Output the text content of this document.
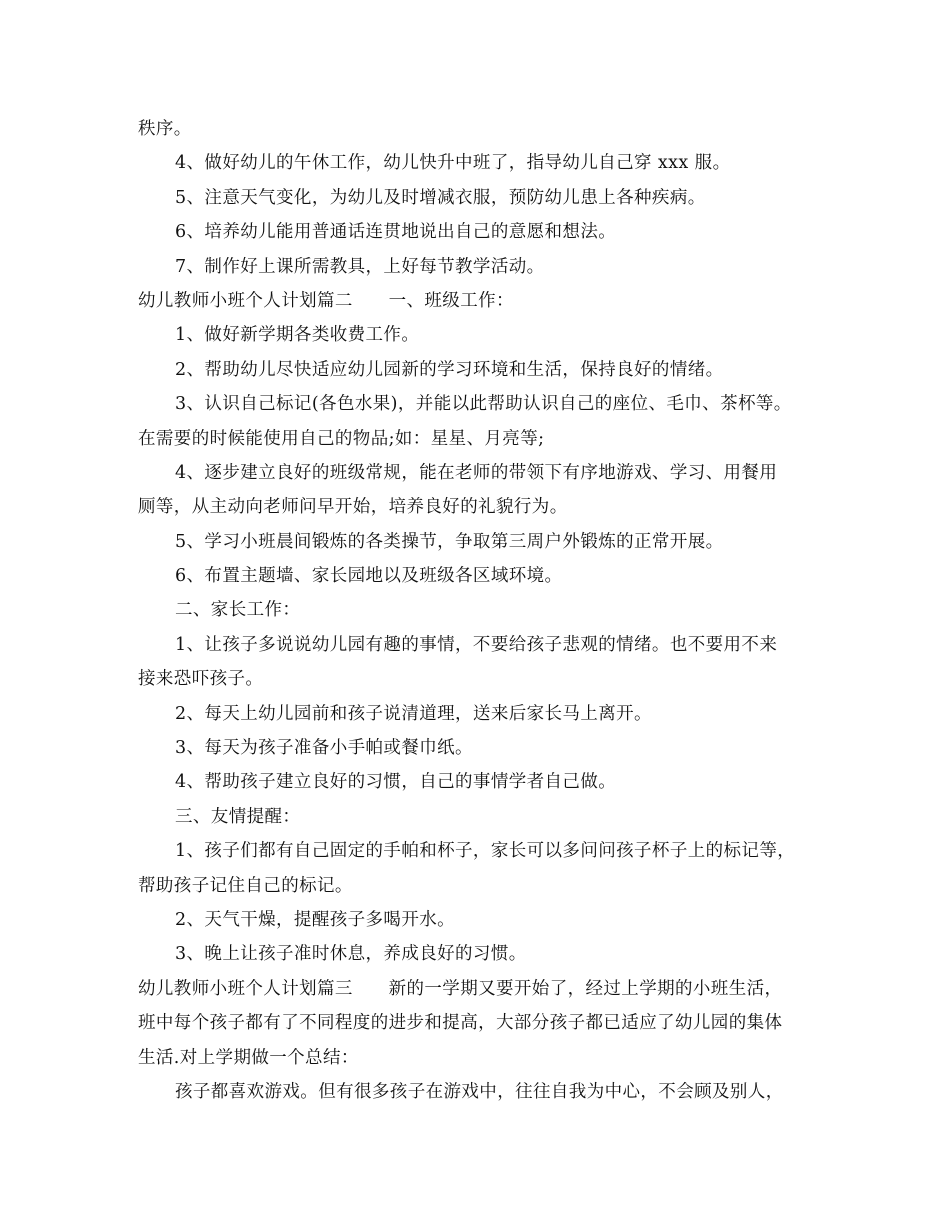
秩序。
4、做好幼儿的午休工作，幼儿快升中班了，指导幼儿自己穿 xxx 服。
5、注意天气变化，为幼儿及时增减衣服，预防幼儿患上各种疾病。
6、培养幼儿能用普通话连贯地说出自己的意愿和想法。
7、制作好上课所需教具，上好每节教学活动。
幼儿教师小班个人计划篇二　　一、班级工作：
1、做好新学期各类收费工作。
2、帮助幼儿尽快适应幼儿园新的学习环境和生活，保持良好的情绪。
3、认识自己标记(各色水果)，并能以此帮助认识自己的座位、毛巾、茶杯等。
在需要的时候能使用自己的物品;如：星星、月亮等;
4、逐步建立良好的班级常规，能在老师的带领下有序地游戏、学习、用餐用
厕等，从主动向老师问早开始，培养良好的礼貌行为。
5、学习小班晨间锻炼的各类操节，争取第三周户外锻炼的正常开展。
6、布置主题墙、家长园地以及班级各区域环境。
二、家长工作：
1、让孩子多说说幼儿园有趣的事情，不要给孩子悲观的情绪。也不要用不来
接来恐吓孩子。
2、每天上幼儿园前和孩子说清道理，送来后家长马上离开。
3、每天为孩子准备小手帕或餐巾纸。
4、帮助孩子建立良好的习惯，自己的事情学者自己做。
三、友情提醒：
1、孩子们都有自己固定的手帕和杯子，家长可以多问问孩子杯子上的标记等，
帮助孩子记住自己的标记。
2、天气干燥，提醒孩子多喝开水。
3、晚上让孩子准时休息，养成良好的习惯。
幼儿教师小班个人计划篇三　　新的一学期又要开始了，经过上学期的小班生活，
班中每个孩子都有了不同程度的进步和提高，大部分孩子都已适应了幼儿园的集体
生活.对上学期做一个总结：
孩子都喜欢游戏。但有很多孩子在游戏中，往往自我为中心，不会顾及别人，
